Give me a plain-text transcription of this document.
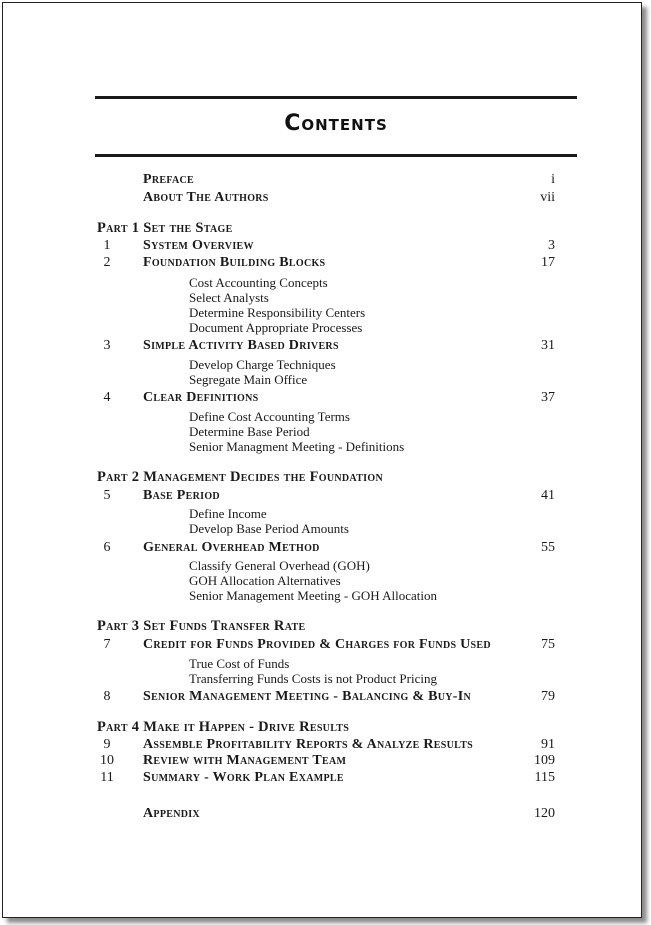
Contents
Preface	i
About The Authors	vii
Part 1 Set the Stage
1	System Overview	3
2	Foundation Building Blocks	17
Cost Accounting Concepts
Select Analysts
Determine Responsibility Centers
Document Appropriate Processes
3	Simple Activity Based Drivers	31
Develop Charge Techniques
Segregate Main Office
4	Clear Definitions	37
Define Cost Accounting Terms
Determine Base Period
Senior Managment Meeting - Definitions
Part 2 Management Decides the Foundation
5	Base Period	41
Define Income
Develop Base Period Amounts
6	General Overhead Method	55
Classify General Overhead (GOH)
GOH Allocation Alternatives
Senior Management Meeting - GOH Allocation
Part 3 Set Funds Transfer Rate
7	Credit for Funds Provided & Charges for Funds Used	75
True Cost of Funds
Transferring Funds Costs is not Product Pricing
8	Senior Management Meeting - Balancing & Buy-In	79
Part 4 Make it Happen - Drive Results
9	Assemble Profitability Reports & Analyze Results	91
10 Review with Management Team	109
11 Summary - Work Plan Example	115
Appendix	120
